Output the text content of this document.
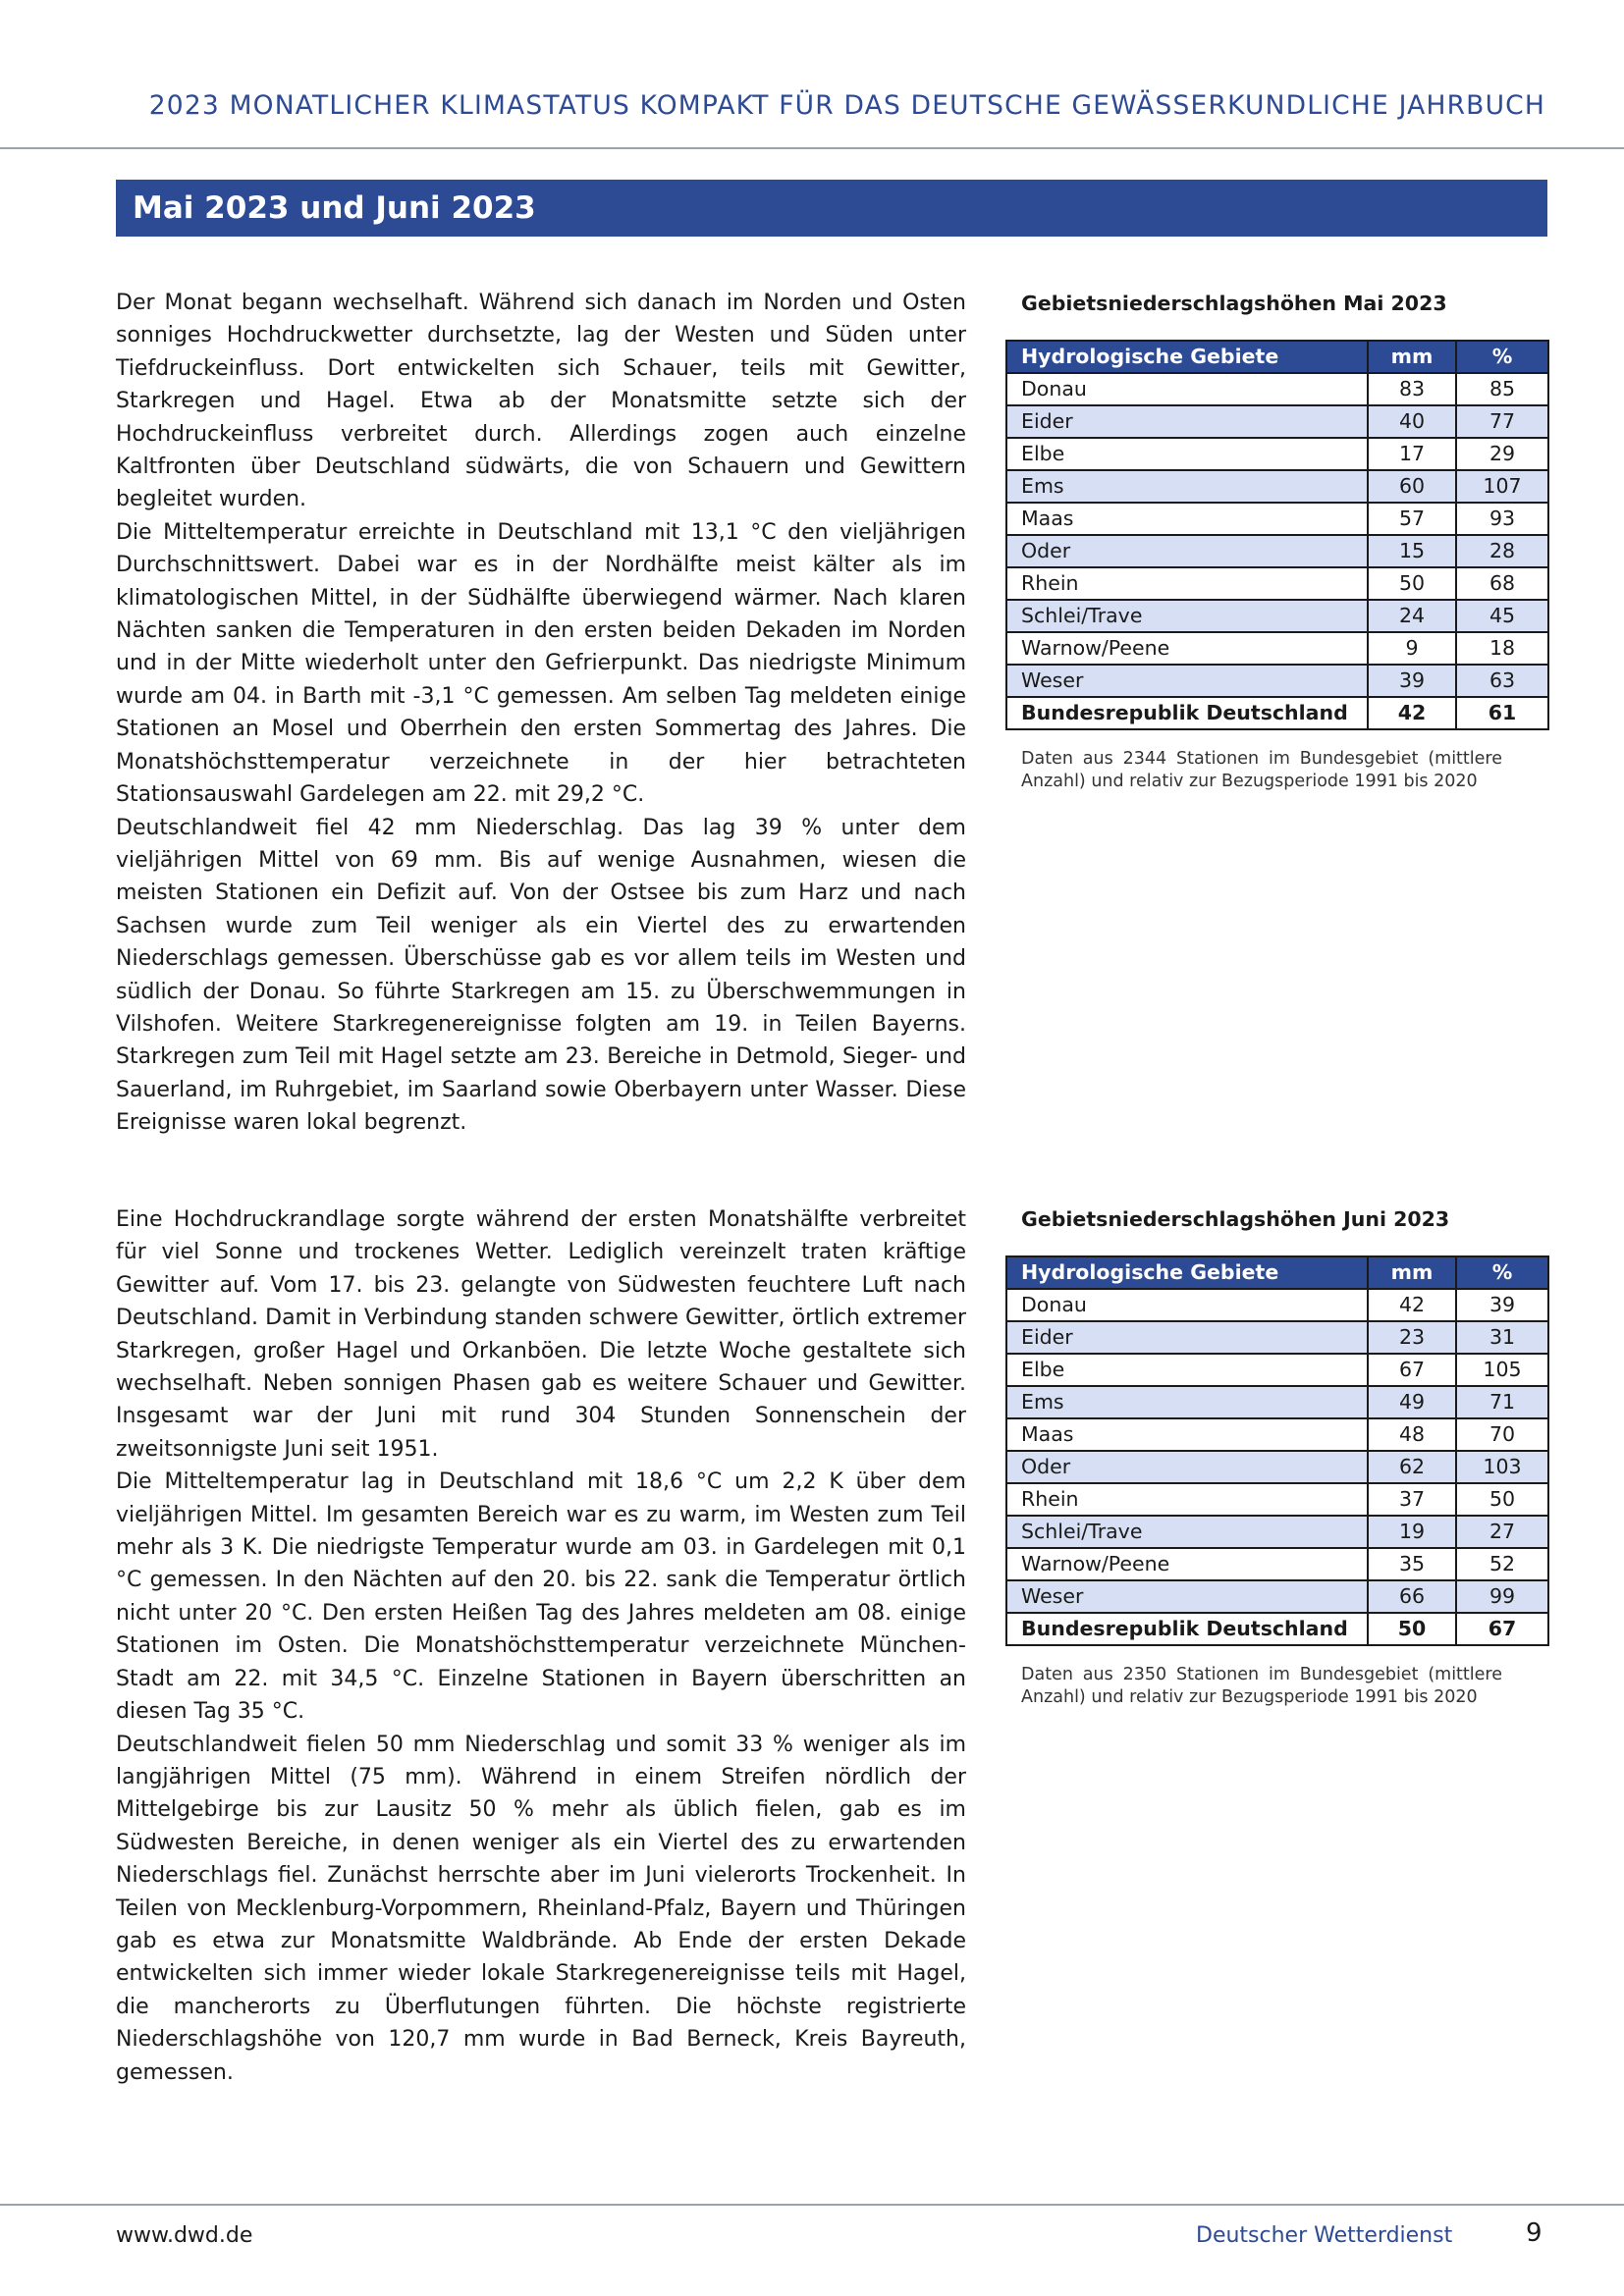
2023 MONATLICHER KLIMASTATUS KOMPAKT FÜR DAS DEUTSCHE GEWÄSSERKUNDLICHE JAHRBUCH
Mai 2023 und Juni 2023

Der Monat begann wechselhaft. Während sich danach im Norden und Osten sonniges Hochdruckwetter durchsetzte, lag der Westen und Süden unter Tiefdruckeinfluss. Dort entwickelten sich Schauer, teils mit Gewitter, Starkregen und Hagel. Etwa ab der Monatsmitte setzte sich der Hochdruckeinfluss verbreitet durch. Allerdings zogen auch einzelne Kaltfronten über Deutschland südwärts, die von Schauern und Gewittern begleitet wurden.

Die Mitteltemperatur erreichte in Deutschland mit 13,1 °C den vieljährigen Durchschnittswert. Dabei war es in der Nordhälfte meist kälter als im klimatologischen Mittel, in der Südhälfte überwiegend wärmer. Nach klaren Nächten sanken die Temperaturen in den ersten beiden Dekaden im Norden und in der Mitte wiederholt unter den Gefrierpunkt. Das niedrigste Minimum wurde am 04. in Barth mit -3,1 °C gemessen. Am selben Tag meldeten einige Stationen an Mosel und Oberrhein den ersten Sommertag des Jahres. Die Monatshöchsttemperatur verzeichnete in der hier betrachteten Stationsauswahl Gardelegen am 22. mit 29,2 °C.

Deutschlandweit fiel 42 mm Niederschlag. Das lag 39 % unter dem vieljährigen Mittel von 69 mm. Bis auf wenige Ausnahmen, wiesen die meisten Stationen ein Defizit auf. Von der Ostsee bis zum Harz und nach Sachsen wurde zum Teil weniger als ein Viertel des zu erwartenden Niederschlags gemessen. Überschüsse gab es vor allem teils im Westen und südlich der Donau. So führte Starkregen am 15. zu Überschwemmungen in Vilshofen. Weitere Starkregenereignisse folgten am 19. in Teilen Bayerns. Starkregen zum Teil mit Hagel setzte am 23. Bereiche in Detmold, Sieger- und Sauerland, im Ruhrgebiet, im Saarland sowie Oberbayern unter Wasser. Diese Ereignisse waren lokal begrenzt.

Gebietsniederschlagshöhen Mai 2023
Hydrologische Gebiete	mm	%
Donau	83	85
Eider	40	77
Elbe	17	29
Ems	60	107
Maas	57	93
Oder	15	28
Rhein	50	68
Schlei/Trave	24	45
Warnow/Peene	9	18
Weser	39	63
Bundesrepublik Deutschland	42	61
Daten aus 2344 Stationen im Bundesgebiet (mittlere Anzahl) und relativ zur Bezugsperiode 1991 bis 2020

Eine Hochdruckrandlage sorgte während der ersten Monatshälfte verbreitet für viel Sonne und trockenes Wetter. Lediglich vereinzelt traten kräftige Gewitter auf. Vom 17. bis 23. gelangte von Südwesten feuchtere Luft nach Deutschland. Damit in Verbindung standen schwere Gewitter, örtlich extremer Starkregen, großer Hagel und Orkanböen. Die letzte Woche gestaltete sich wechselhaft. Neben sonnigen Phasen gab es weitere Schauer und Gewitter. Insgesamt war der Juni mit rund 304 Stunden Sonnenschein der zweitsonnigste Juni seit 1951.

Die Mitteltemperatur lag in Deutschland mit 18,6 °C um 2,2 K über dem vieljährigen Mittel. Im gesamten Bereich war es zu warm, im Westen zum Teil mehr als 3 K. Die niedrigste Temperatur wurde am 03. in Gardelegen mit 0,1 °C gemessen. In den Nächten auf den 20. bis 22. sank die Temperatur örtlich nicht unter 20 °C. Den ersten Heißen Tag des Jahres meldeten am 08. einige Stationen im Osten. Die Monatshöchsttemperatur verzeichnete München-Stadt am 22. mit 34,5 °C. Einzelne Stationen in Bayern überschritten an diesen Tag 35 °C.

Deutschlandweit fielen 50 mm Niederschlag und somit 33 % weniger als im langjährigen Mittel (75 mm). Während in einem Streifen nördlich der Mittelgebirge bis zur Lausitz 50 % mehr als üblich fielen, gab es im Südwesten Bereiche, in denen weniger als ein Viertel des zu erwartenden Niederschlags fiel. Zunächst herrschte aber im Juni vielerorts Trockenheit. In Teilen von Mecklenburg-Vorpommern, Rheinland-Pfalz, Bayern und Thüringen gab es etwa zur Monatsmitte Waldbrände. Ab Ende der ersten Dekade entwickelten sich immer wieder lokale Starkregenereignisse teils mit Hagel, die mancherorts zu Überflutungen führten. Die höchste registrierte Niederschlagshöhe von 120,7 mm wurde in Bad Berneck, Kreis Bayreuth, gemessen.

Gebietsniederschlagshöhen Juni 2023
Hydrologische Gebiete	mm	%
Donau	42	39
Eider	23	31
Elbe	67	105
Ems	49	71
Maas	48	70
Oder	62	103
Rhein	37	50
Schlei/Trave	19	27
Warnow/Peene	35	52
Weser	66	99
Bundesrepublik Deutschland	50	67
Daten aus 2350 Stationen im Bundesgebiet (mittlere Anzahl) und relativ zur Bezugsperiode 1991 bis 2020
www.dwd.de	Deutscher Wetterdienst	9
